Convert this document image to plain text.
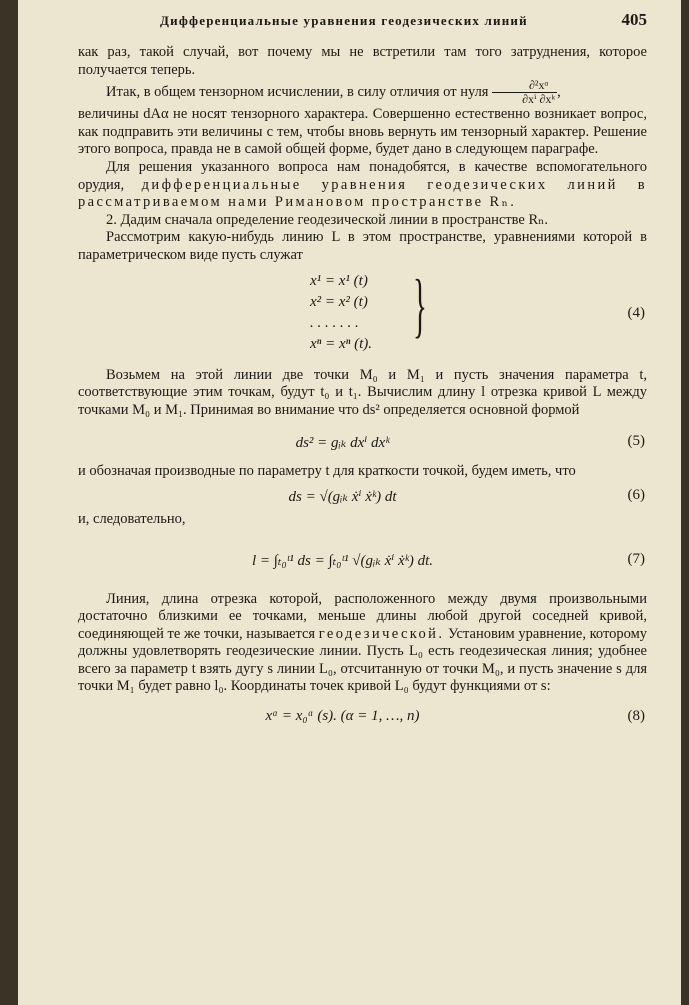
Дифференциальные уравнения геодезических линий	405

как раз, такой случай, вот почему мы не встретили там того затруднения, которое получается теперь.

Итак, в общем тензорном исчислении, в силу отличия от нуля $\frac{\text{∂²xᵅ}}{\text{∂xⁱ ∂xᵏ}}$ ,

величины dAα не носят тензорного характера. Совершенно естественно возникает вопрос, как подправить эти величины с тем, чтобы вновь вернуть им тензорный характер. Решение этого вопроса, правда не в самой общей форме, будет дано в следующем параграфе.

Для решения указанного вопроса нам понадобятся, в качестве вспомогательного орудия, дифференциальные уравнения геодезических линий в рассматриваемом нами Римановом пространстве Rₙ.

2. Дадим сначала определение геодезической линии в пространстве Rₙ.

Рассмотрим какую-нибудь линию L в этом пространстве, уравнениями которой в параметрическом виде пусть служат

x¹ = x¹ (t)
x² = x² (t)
. . . . . . .
xⁿ = xⁿ (t). }	(4)

Возьмем на этой линии две точки M₀ и M₁ и пусть значения параметра t, соответствующие этим точкам, будут t₀ и t₁. Вычислим длину l отрезка кривой L между точками M₀ и M₁. Принимая во внимание что ds² определяется основной формой

ds² = gᵢₖ dxⁱ dxᵏ	(5)

и обозначая производные по параметру t для краткости точкой, будем иметь, что

ds = √(gᵢₖ ẋⁱ ẋᵏ) dt	(6)

и, следовательно,

l = ∫ₜ₀ᵗ¹ ds = ∫ₜ₀ᵗ¹ √(gᵢₖ ẋⁱ ẋᵏ) dt.	(7)

Линия, длина отрезка которой, расположенного между двумя произвольными достаточно близкими ее точками, меньше длины любой другой соседней кривой, соединяющей те же точки, называется геодезической. Установим уравнение, которому должны удовлетворять геодезические линии. Пусть L₀ есть геодезическая линия; удобнее всего за параметр t взять дугу s линии L₀, отсчитанную от точки M₀, и пусть значение s для точки M₁ будет равно l₀. Координаты точек кривой L₀ будут функциями от s:

xᵅ = x₀ᵅ (s). (α = 1, …, n)	(8)
